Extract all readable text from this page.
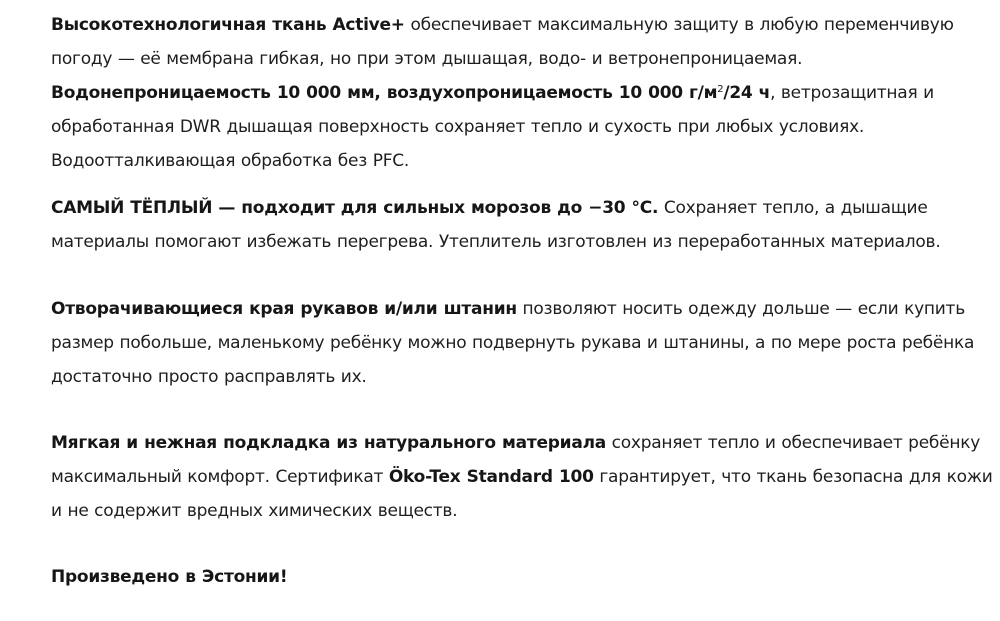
Высокотехнологичная ткань Active+ обеспечивает максимальную защиту в любую переменчивую погоду — её мембрана гибкая, но при этом дышащая, водо- и ветронепроницаемая. Водонепроницаемость 10 000 мм, воздухопроницаемость 10 000 $г/м^2/24$ ч, ветрозащитная и обработанная DWR дышащая поверхность сохраняет тепло и сухость при любых условиях. Водоотталкивающая обработка без PFC.

САМЫЙ ТЁПЛЫЙ — подходит для сильных морозов до −30 °C. Сохраняет тепло, а дышащие материалы помогают избежать перегрева. Утеплитель изготовлен из переработанных материалов.

Отворачивающиеся края рукавов и/или штанин позволяют носить одежду дольше — если купить размер побольше, маленькому ребёнку можно подвернуть рукава и штанины, а по мере роста ребёнка достаточно просто расправлять их.

Мягкая и нежная подкладка из натурального материала сохраняет тепло и обеспечивает ребёнку максимальный комфорт. Сертификат Öko-Tex Standard 100 гарантирует, что ткань безопасна для кожи и не содержит вредных химических веществ.

Произведено в Эстонии!
